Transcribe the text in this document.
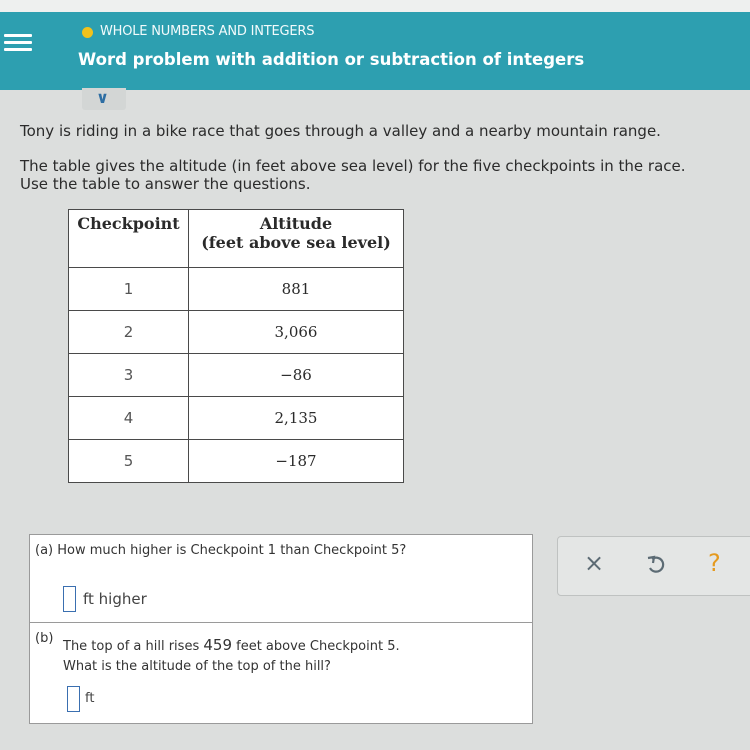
WHOLE NUMBERS AND INTEGERS
Word problem with addition or subtraction of integers
∨
Tony is riding in a bike race that goes through a valley and a nearby mountain range.
The table gives the altitude (in feet above sea level) for the five checkpoints in the race.
Use the table to answer the questions.
Checkpoint	Altitude
(feet above sea level)

1	881
2	3,066
3	−86
4	2,135
5	−187
(a) How much higher is Checkpoint 1 than Checkpoint 5?
ft higher
(b)
The top of a hill rises 459 feet above Checkpoint 5.
What is the altitude of the top of the hill?
ft
×	?
